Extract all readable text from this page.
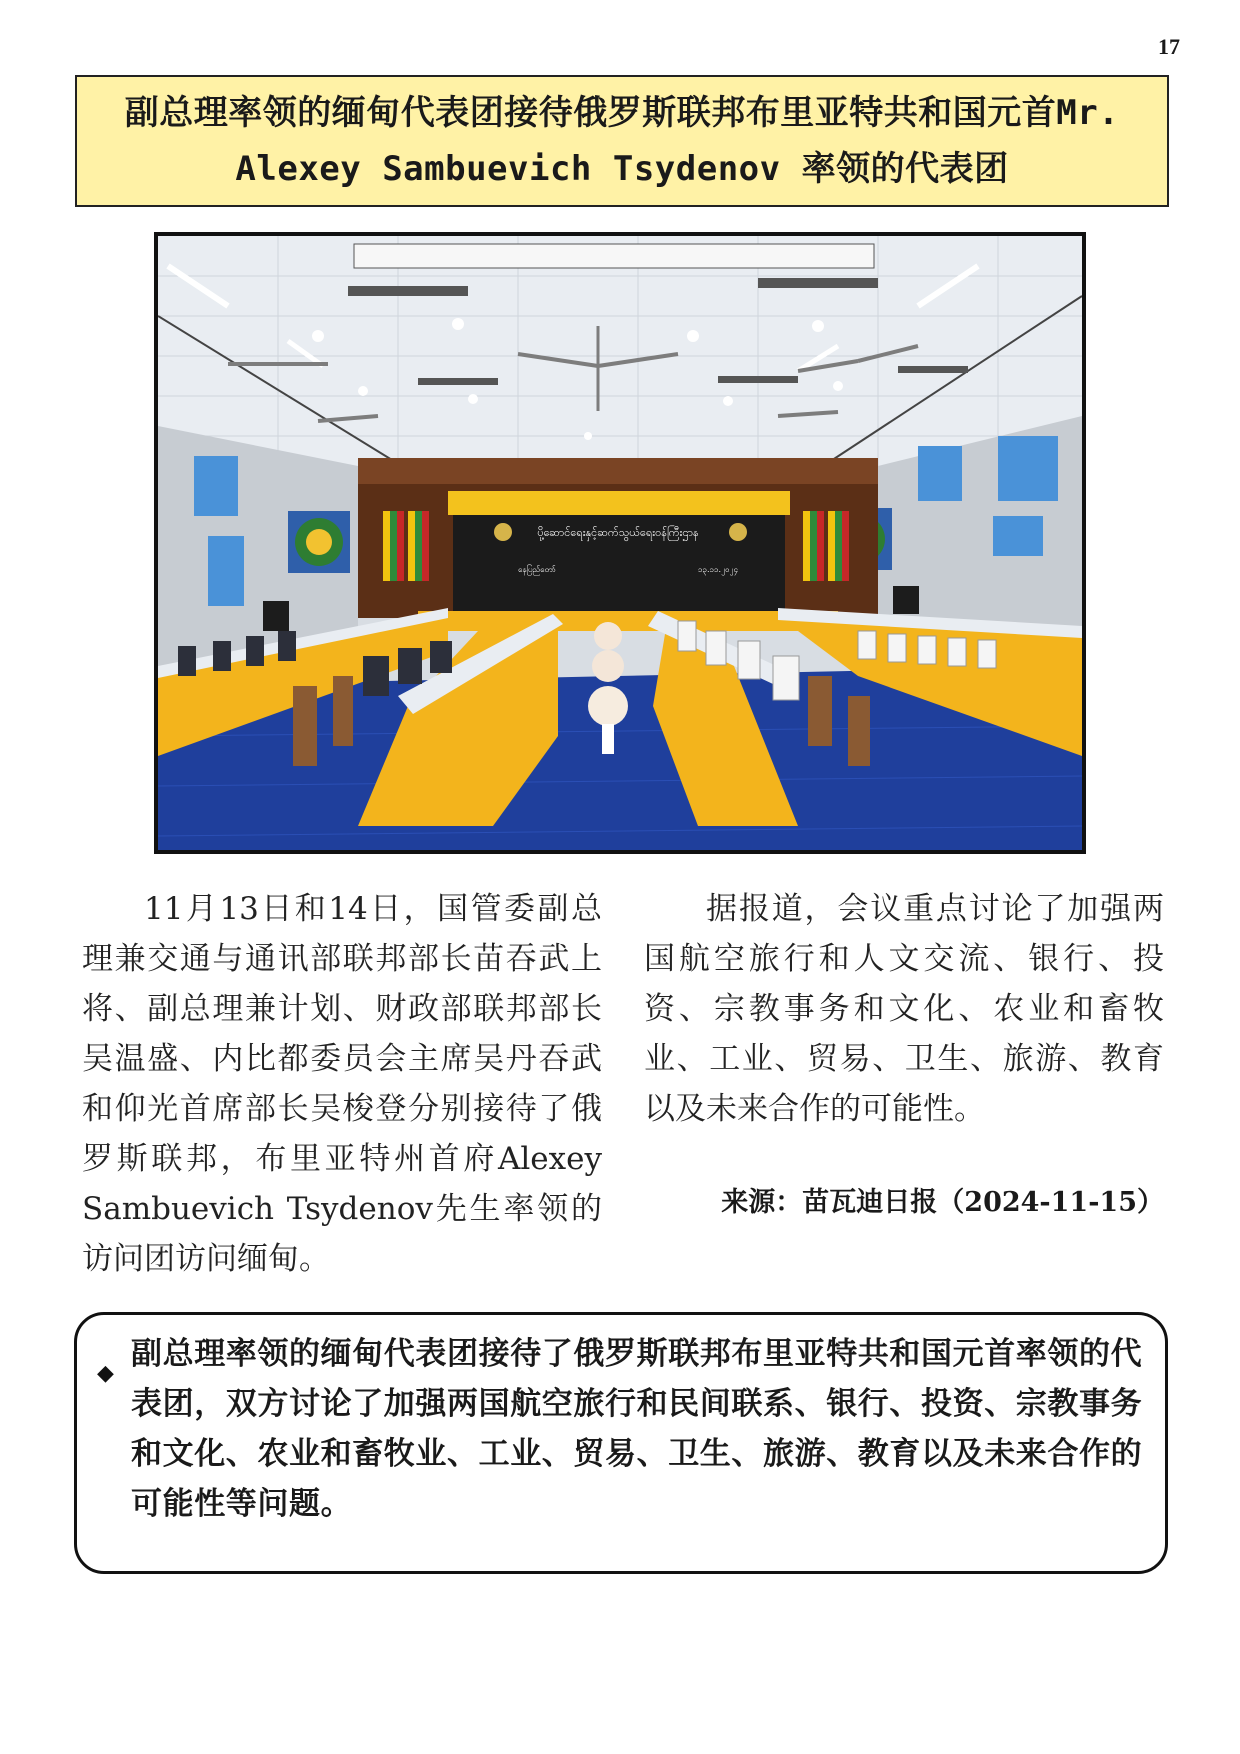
17
副总理率领的缅甸代表团接待俄罗斯联邦布里亚特共和国元首Mr.
Alexey Sambuevich Tsydenov 率领的代表团
ပို့ဆောင်ရေးနှင့်ဆက်သွယ်ရေးဝန်ကြီးဌာန
နေပြည်တော်	၁၃.၁၁.၂၀၂၄

11月13日和14日，国管委副总理兼交通与通讯部联邦部长苗吞武上将、副总理兼计划、财政部联邦部长吴温盛、内比都委员会主席吴丹吞武和仰光首席部长吴梭登分别接待了俄罗斯联邦，布里亚特州首府Alexey Sambuevich Tsydenov先生率领的访问团访问缅甸。

据报道，会议重点讨论了加强两国航空旅行和人文交流、银行、投资、宗教事务和文化、农业和畜牧业、工业、贸易、卫生、旅游、教育以及未来合作的可能性。

来源：苗瓦迪日报（2024-11-15）
◆
副总理率领的缅甸代表团接待了俄罗斯联邦布里亚特共和国元首率领的代表团，双方讨论了加强两国航空旅行和民间联系、银行、投资、宗教事务和文化、农业和畜牧业、工业、贸易、卫生、旅游、教育以及未来合作的可能性等问题。
